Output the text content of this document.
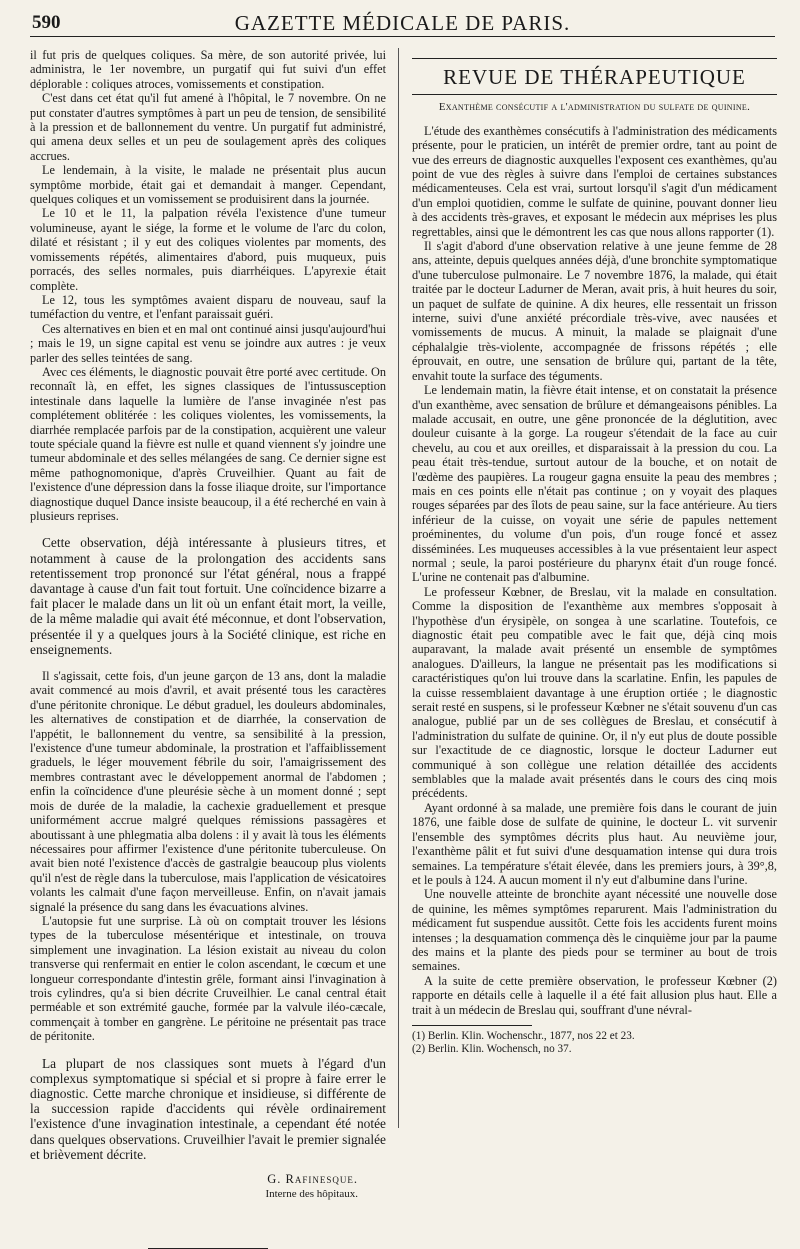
590	GAZETTE MÉDICALE DE PARIS.

il fut pris de quelques coliques. Sa mère, de son autorité privée, lui administra, le 1er novembre, un purgatif qui fut suivi d'un effet déplorable : coliques atroces, vomissements et constipation.

C'est dans cet état qu'il fut amené à l'hôpital, le 7 novembre. On ne put constater d'autres symptômes à part un peu de tension, de sensibilité à la pression et de ballonnement du ventre. Un purgatif fut administré, qui amena deux selles et un peu de soulagement après des coliques accrues.

Le lendemain, à la visite, le malade ne présentait plus aucun symptôme morbide, était gai et demandait à manger. Cependant, quelques coliques et un vomissement se produisirent dans la journée.

Le 10 et le 11, la palpation révéla l'existence d'une tumeur volumineuse, ayant le siége, la forme et le volume de l'arc du colon, dilaté et résistant ; il y eut des coliques violentes par moments, des vomissements répétés, alimentaires d'abord, puis muqueux, puis porracés, des selles normales, puis diarrhéiques. L'apyrexie était complète.

Le 12, tous les symptômes avaient disparu de nouveau, sauf la tuméfaction du ventre, et l'enfant paraissait guéri.

Ces alternatives en bien et en mal ont continué ainsi jusqu'aujourd'hui ; mais le 19, un signe capital est venu se joindre aux autres : je veux parler des selles teintées de sang.

Avec ces éléments, le diagnostic pouvait être porté avec certitude. On reconnaît là, en effet, les signes classiques de l'intussusception intestinale dans laquelle la lumière de l'anse invaginée n'est pas complétement oblitérée : les coliques violentes, les vomissements, la diarrhée remplacée parfois par de la constipation, acquièrent une valeur toute spéciale quand la fièvre est nulle et quand viennent s'y joindre une tumeur abdominale et des selles mélangées de sang. Ce dernier signe est même pathognomonique, d'après Cruveilhier. Quant au fait de l'existence d'une dépression dans la fosse iliaque droite, sur l'importance diagnostique duquel Dance insiste beaucoup, il a été recherché en vain à plusieurs reprises.

Cette observation, déjà intéressante à plusieurs titres, et notamment à cause de la prolongation des accidents sans retentissement trop prononcé sur l'état général, nous a frappé davantage à cause d'un fait tout fortuit. Une coïncidence bizarre a fait placer le malade dans un lit où un enfant était mort, la veille, de la même maladie qui avait été méconnue, et dont l'observation, présentée il y a quelques jours à la Société clinique, est riche en enseignements.

Il s'agissait, cette fois, d'un jeune garçon de 13 ans, dont la maladie avait commencé au mois d'avril, et avait présenté tous les caractères d'une péritonite chronique. Le début graduel, les douleurs abdominales, les alternatives de constipation et de diarrhée, la conservation de l'appétit, le ballonnement du ventre, sa sensibilité à la pression, l'existence d'une tumeur abdominale, la prostration et l'affaiblissement graduels, le léger mouvement fébrile du soir, l'amaigrissement des membres contrastant avec le développement anormal de l'abdomen ; enfin la coïncidence d'une pleurésie sèche à un moment donné ; sept mois de durée de la maladie, la cachexie graduellement et presque uniformément accrue malgré quelques rémissions passagères et aboutissant à une phlegmatia alba dolens : il y avait là tous les éléments nécessaires pour affirmer l'existence d'une péritonite tuberculeuse. On avait bien noté l'existence d'accès de gastralgie beaucoup plus violents qu'il n'est de règle dans la tuberculose, mais l'application de vésicatoires volants les calmait d'une façon merveilleuse. Enfin, on n'avait jamais signalé la présence du sang dans les évacuations alvines.

L'autopsie fut une surprise. Là où on comptait trouver les lésions types de la tuberculose mésentérique et intestinale, on trouva simplement une invagination. La lésion existait au niveau du colon transverse qui renfermait en entier le colon ascendant, le cœcum et une longueur correspondante d'intestin grêle, formant ainsi l'invagination à trois cylindres, qu'a si bien décrite Cruveilhier. Le canal central était perméable et son extrémité gauche, formée par la valvule iléo-cæcale, commençait à tomber en gangrène. Le péritoine ne présentait pas trace de péritonite.

La plupart de nos classiques sont muets à l'égard d'un complexus symptomatique si spécial et si propre à faire errer le diagnostic. Cette marche chronique et insidieuse, si différente de la succession rapide d'accidents qui révèle ordinairement l'existence d'une invagination intestinale, a cependant été notée dans quelques observations. Cruveilhier l'avait le premier signalée et brièvement décrite.

G. Rafinesque.
Interne des hôpitaux.
REVUE DE THÉRAPEUTIQUE
Exanthème consécutif a l'administration du sulfate de quinine.

L'étude des exanthèmes consécutifs à l'administration des médicaments présente, pour le praticien, un intérêt de premier ordre, tant au point de vue des erreurs de diagnostic auxquelles l'exposent ces exanthèmes, qu'au point de vue des règles à suivre dans l'emploi de certaines substances médicamenteuses. Cela est vrai, surtout lorsqu'il s'agit d'un médicament d'un emploi quotidien, comme le sulfate de quinine, pouvant donner lieu à des accidents très-graves, et exposant le médecin aux méprises les plus regrettables, ainsi que le démontrent les cas que nous allons rapporter (1).

Il s'agit d'abord d'une observation relative à une jeune femme de 28 ans, atteinte, depuis quelques années déjà, d'une bronchite symptomatique d'une tuberculose pulmonaire. Le 7 novembre 1876, la malade, qui était traitée par le docteur Ladurner de Meran, avait pris, à huit heures du soir, un paquet de sulfate de quinine. A dix heures, elle ressentait un frisson interne, suivi d'une anxiété précordiale très-vive, avec nausées et vomissements de mucus. A minuit, la malade se plaignait d'une céphalalgie très-violente, accompagnée de frissons répétés ; elle éprouvait, en outre, une sensation de brûlure qui, partant de la tête, envahit toute la surface des téguments.

Le lendemain matin, la fièvre était intense, et on constatait la présence d'un exanthème, avec sensation de brûlure et démangeaisons pénibles. La malade accusait, en outre, une gêne prononcée de la déglutition, avec douleur cuisante à la gorge. La rougeur s'étendait de la face au cuir chevelu, au cou et aux oreilles, et disparaissait à la pression du cou. La peau était très-tendue, surtout autour de la bouche, et on notait de l'œdème des paupières. La rougeur gagna ensuite la peau des membres ; mais en ces points elle n'était pas continue ; on y voyait des plaques rouges séparées par des îlots de peau saine, sur la face antérieure. Au tiers inférieur de la cuisse, on voyait une série de papules nettement proéminentes, du volume d'un pois, d'un rouge foncé et assez disséminées. Les muqueuses accessibles à la vue présentaient leur aspect normal ; seule, la paroi postérieure du pharynx était d'un rouge foncé. L'urine ne contenait pas d'albumine.

Le professeur Kœbner, de Breslau, vit la malade en consultation. Comme la disposition de l'exanthème aux membres s'opposait à l'hypothèse d'un érysipèle, on songea à une scarlatine. Toutefois, ce diagnostic était peu compatible avec le fait que, déjà cinq mois auparavant, la malade avait présenté un ensemble de symptômes analogues. D'ailleurs, la langue ne présentait pas les modifications si caractéristiques qu'on lui trouve dans la scarlatine. Enfin, les papules de la cuisse ressemblaient davantage à une éruption ortiée ; le diagnostic serait resté en suspens, si le professeur Kœbner ne s'était souvenu d'un cas analogue, publié par un de ses collègues de Breslau, et consécutif à l'administration du sulfate de quinine. Or, il n'y eut plus de doute possible sur l'exactitude de ce diagnostic, lorsque le docteur Ladurner eut communiqué à son collègue une relation détaillée des accidents semblables que la malade avait présentés dans le cours des cinq mois précédents.

Ayant ordonné à sa malade, une première fois dans le courant de juin 1876, une faible dose de sulfate de quinine, le docteur L. vit survenir l'ensemble des symptômes décrits plus haut. Au neuvième jour, l'exanthème pâlit et fut suivi d'une desquamation intense qui dura trois semaines. La température s'était élevée, dans les premiers jours, à 39°,8, et le pouls à 124. A aucun moment il n'y eut d'albumine dans l'urine.

Une nouvelle atteinte de bronchite ayant nécessité une nouvelle dose de quinine, les mêmes symptômes reparurent. Mais l'administration du médicament fut suspendue aussitôt. Cette fois les accidents furent moins intenses ; la desquamation commença dès le cinquième jour par la paume des mains et la plante des pieds pour se terminer au bout de trois semaines.

A la suite de cette première observation, le professeur Kœbner (2) rapporte en détails celle à laquelle il a été fait allusion plus haut. Elle a trait à un médecin de Breslau qui, souffrant d'une névral-

(1) Berlin. Klin. Wochenschr., 1877, nos 22 et 23.

(2) Berlin. Klin. Wochensch, no 37.
